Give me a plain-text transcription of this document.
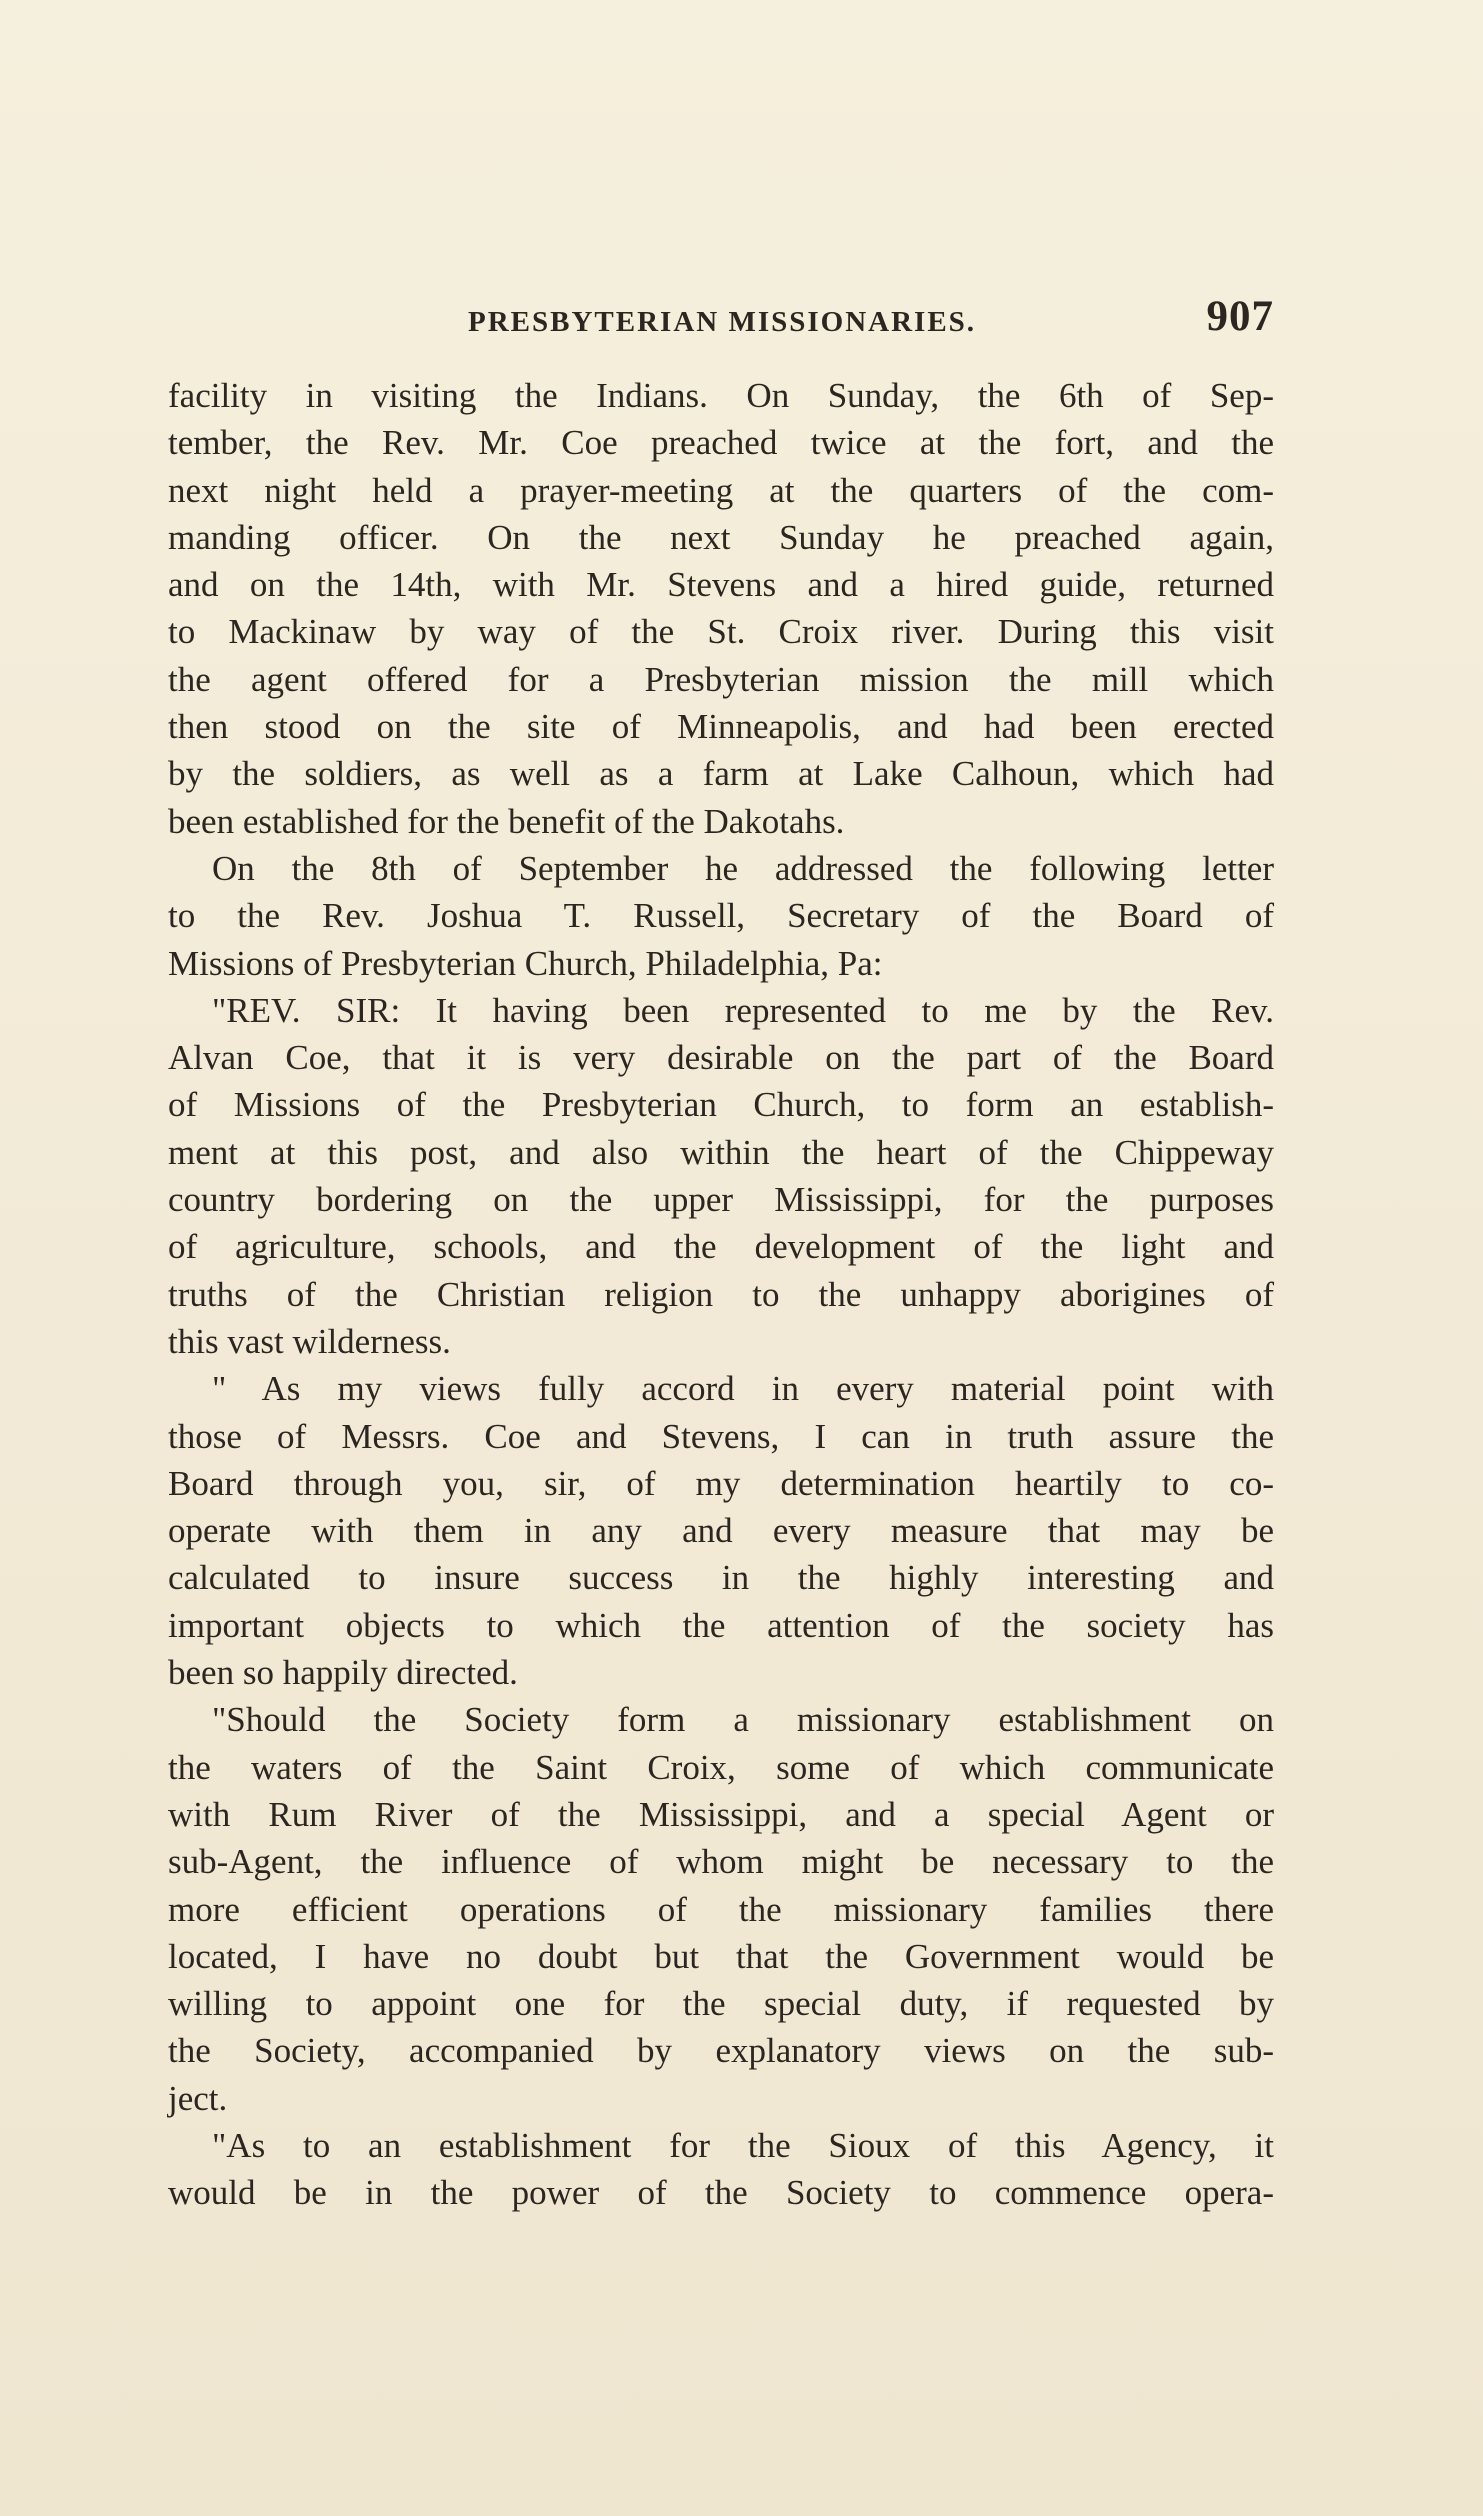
PRESBYTERIAN MISSIONARIES.	907
facility in visiting the Indians. On Sunday, the 6th of Sep-
tember, the Rev. Mr. Coe preached twice at the fort, and the
next night held a prayer-meeting at the quarters of the com-
manding officer. On the next Sunday he preached again,
and on the 14th, with Mr. Stevens and a hired guide, returned
to Mackinaw by way of the St. Croix river. During this visit
the agent offered for a Presbyterian mission the mill which
then stood on the site of Minneapolis, and had been erected
by the soldiers, as well as a farm at Lake Calhoun, which had
been established for the benefit of the Dakotahs.
On the 8th of September he addressed the following letter
to the Rev. Joshua T. Russell, Secretary of the Board of
Missions of Presbyterian Church, Philadelphia, Pa:
"REV. SIR: It having been represented to me by the Rev.
Alvan Coe, that it is very desirable on the part of the Board
of Missions of the Presbyterian Church, to form an establish-
ment at this post, and also within the heart of the Chippeway
country bordering on the upper Mississippi, for the purposes
of agriculture, schools, and the development of the light and
truths of the Christian religion to the unhappy aborigines of
this vast wilderness.
" As my views fully accord in every material point with
those of Messrs. Coe and Stevens, I can in truth assure the
Board through you, sir, of my determination heartily to co-
operate with them in any and every measure that may be
calculated to insure success in the highly interesting and
important objects to which the attention of the society has
been so happily directed.
"Should the Society form a missionary establishment on
the waters of the Saint Croix, some of which communicate
with Rum River of the Mississippi, and a special Agent or
sub-Agent, the influence of whom might be necessary to the
more efficient operations of the missionary families there
located, I have no doubt but that the Government would be
willing to appoint one for the special duty, if requested by
the Society, accompanied by explanatory views on the sub-
ject.
"As to an establishment for the Sioux of this Agency, it
would be in the power of the Society to commence opera-
